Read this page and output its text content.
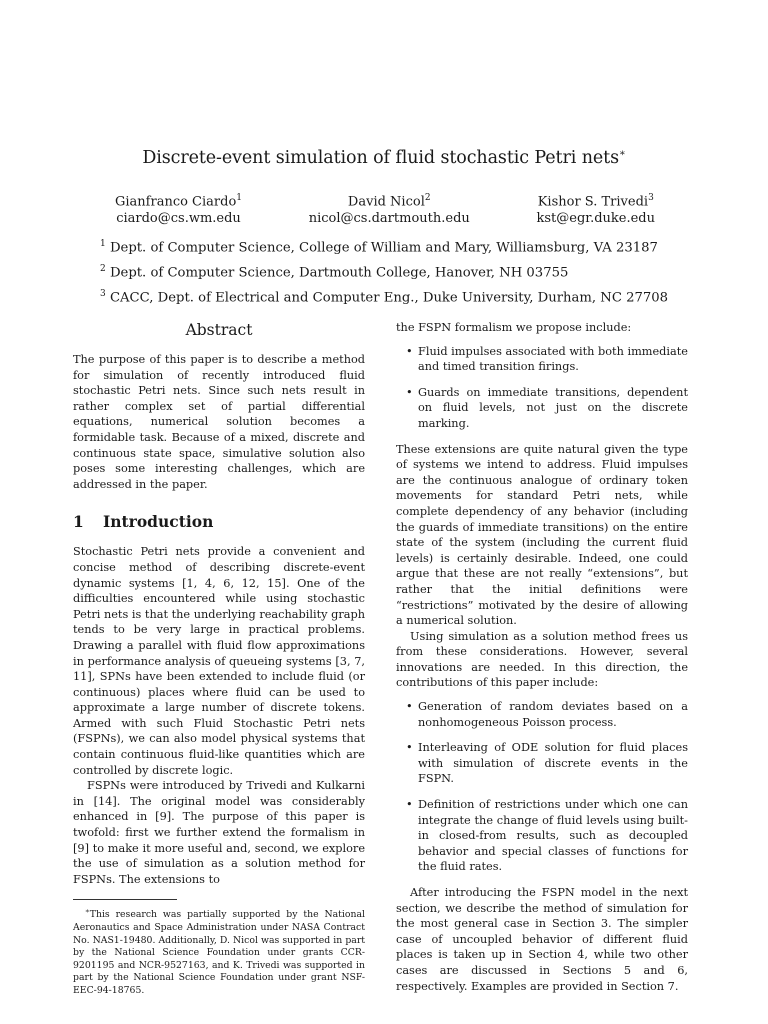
Discrete-event simulation of fluid stochastic Petri nets∗
Gianfranco Ciardo$^1$
ciardo@cs.wm.edu
David Nicol$^2$
nicol@cs.dartmouth.edu
Kishor S. Trivedi$^3$
kst@egr.duke.edu
$^1$ Dept. of Computer Science, College of William and Mary, Williamsburg, VA 23187
$^2$ Dept. of Computer Science, Dartmouth College, Hanover, NH 03755
$^3$ CACC, Dept. of Electrical and Computer Eng., Duke University, Durham, NC 27708
Abstract

The purpose of this paper is to describe a method for simulation of recently introduced fluid stochastic Petri nets. Since such nets result in rather complex set of partial differential equations, numerical solution becomes a formidable task. Because of a mixed, discrete and continuous state space, simulative solution also poses some interesting challenges, which are addressed in the paper.

1 Introduction

Stochastic Petri nets provide a convenient and concise method of describing discrete-event dynamic systems [1, 4, 6, 12, 15]. One of the difficulties encountered while using stochastic Petri nets is that the underlying reachability graph tends to be very large in practical problems. Drawing a parallel with fluid flow approximations in performance analysis of queueing systems [3, 7, 11], SPNs have been extended to include fluid (or continuous) places where fluid can be used to approximate a large number of discrete tokens. Armed with such Fluid Stochastic Petri nets (FSPNs), we can also model physical systems that contain continuous fluid-like quantities which are controlled by discrete logic.

FSPNs were introduced by Trivedi and Kulkarni in [14]. The original model was considerably enhanced in [9]. The purpose of this paper is twofold: first we further extend the formalism in [9] to make it more useful and, second, we explore the use of simulation as a solution method for FSPNs. The extensions to

∗This research was partially supported by the National Aeronautics and Space Administration under NASA Contract No. NAS1-19480. Additionally, D. Nicol was supported in part by the National Science Foundation under grants CCR-9201195 and NCR-9527163, and K. Trivedi was supported in part by the National Science Foundation under grant NSF-EEC-94-18765.

the FSPN formalism we propose include:

• Fluid impulses associated with both immediate and timed transition firings.
• Guards on immediate transitions, dependent on fluid levels, not just on the discrete marking.

These extensions are quite natural given the type of systems we intend to address. Fluid impulses are the continuous analogue of ordinary token movements for standard Petri nets, while complete dependency of any behavior (including the guards of immediate transitions) on the entire state of the system (including the current fluid levels) is certainly desirable. Indeed, one could argue that these are not really “extensions”, but rather that the initial definitions were “restrictions” motivated by the desire of allowing a numerical solution.

Using simulation as a solution method frees us from these considerations. However, several innovations are needed. In this direction, the contributions of this paper include:

• Generation of random deviates based on a nonhomogeneous Poisson process.
• Interleaving of ODE solution for fluid places with simulation of discrete events in the FSPN.
• Definition of restrictions under which one can integrate the change of fluid levels using built-in closed-from results, such as decoupled behavior and special classes of functions for the fluid rates.

After introducing the FSPN model in the next section, we describe the method of simulation for the most general case in Section 3. The simpler case of uncoupled behavior of different fluid places is taken up in Section 4, while two other cases are discussed in Sections 5 and 6, respectively. Examples are provided in Section 7.
